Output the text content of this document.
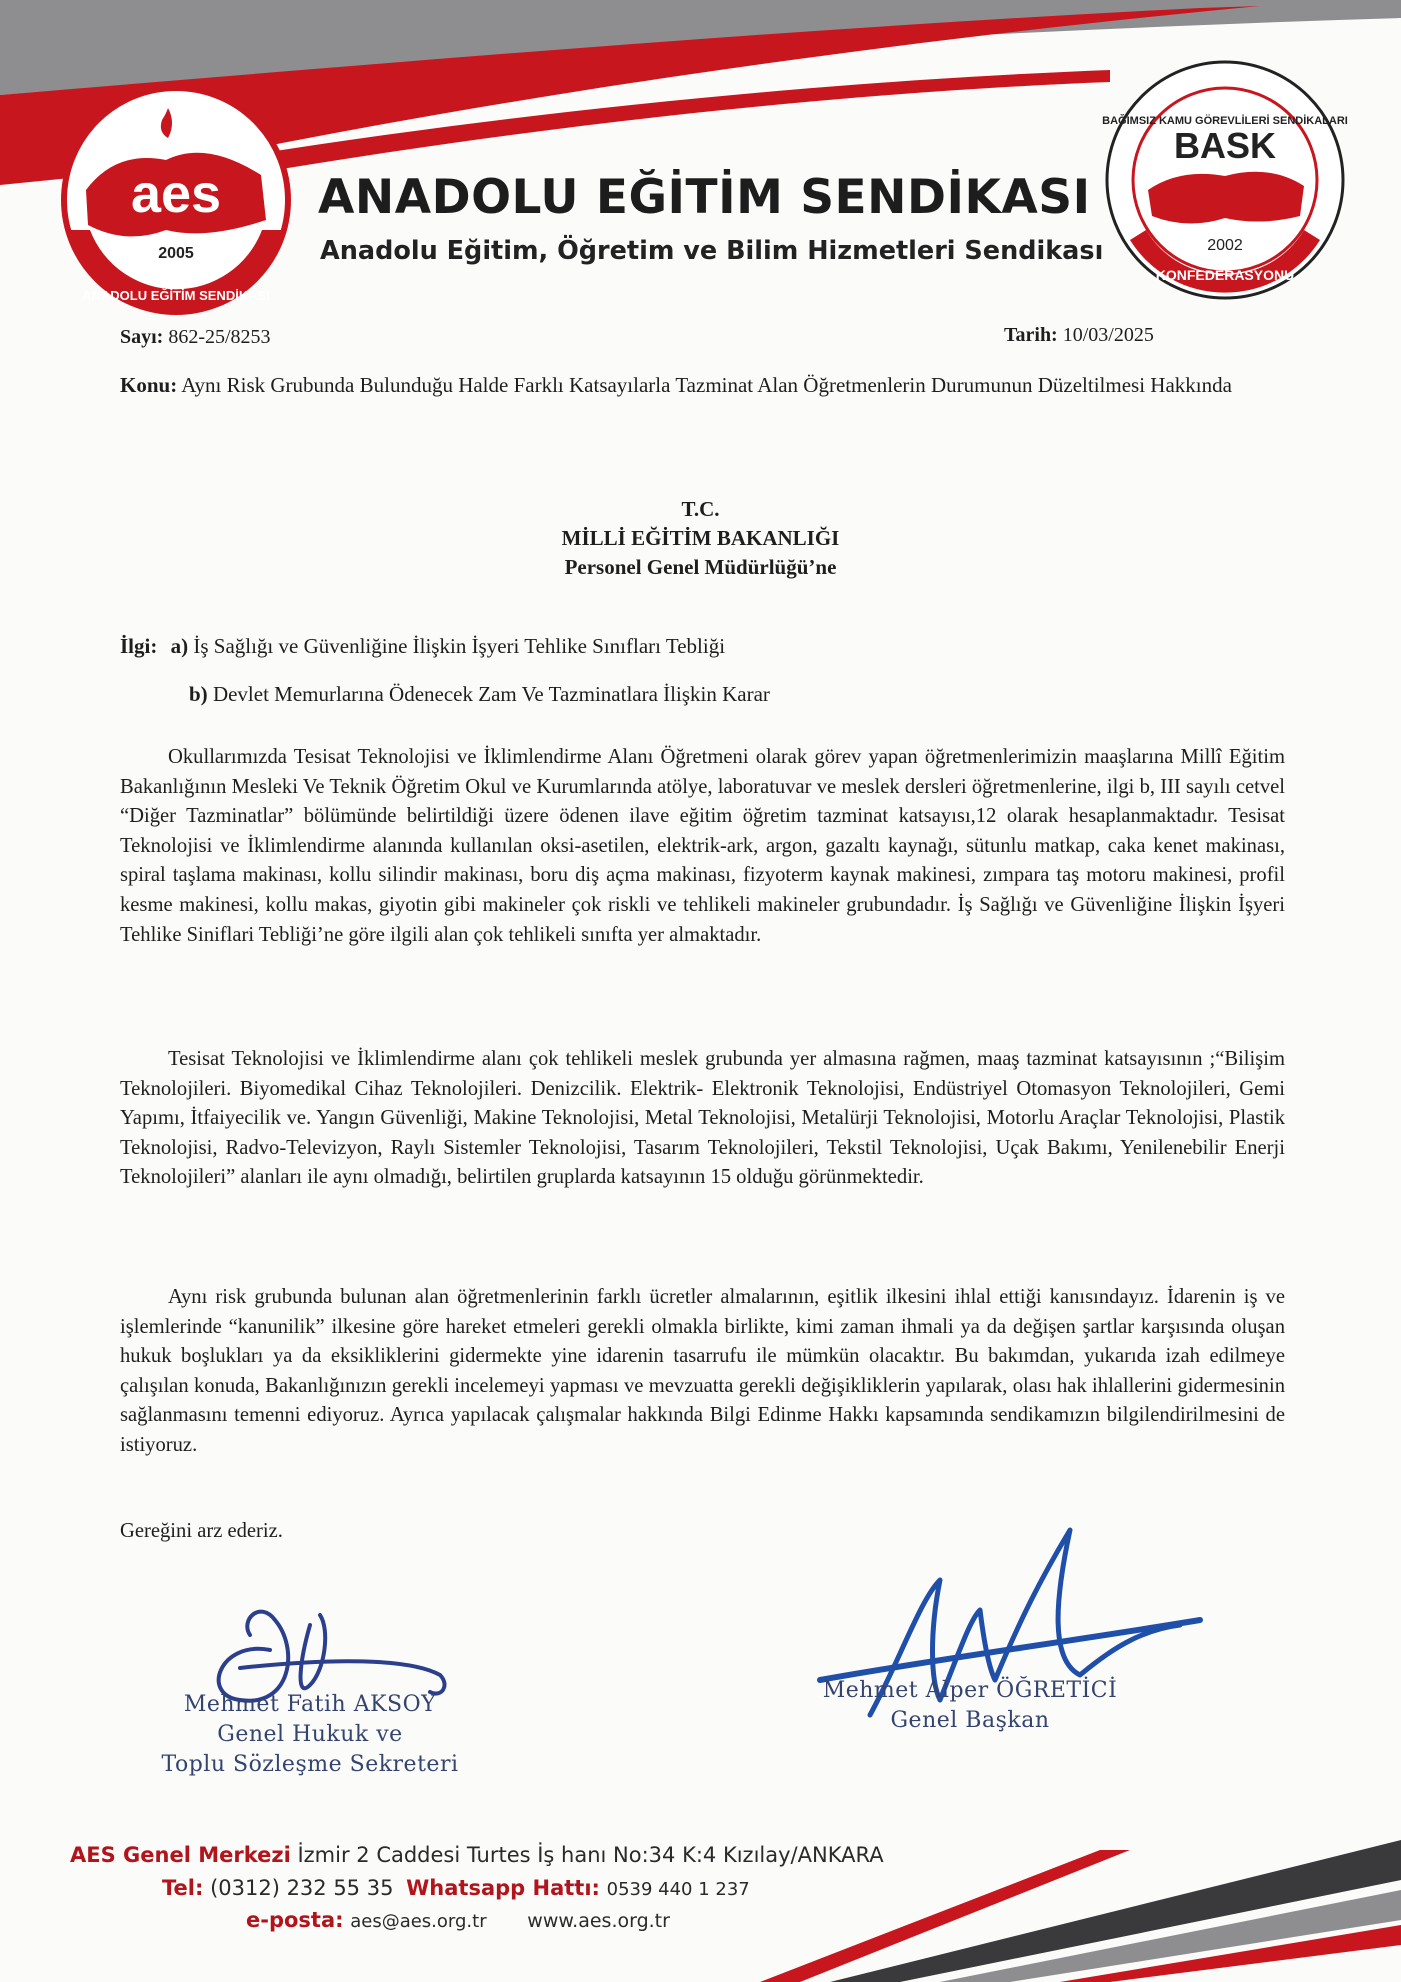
aes
2005
ANADOLU EĞİTİM SENDİKASI
ANADOLU EĞİTİM SENDİKASI
Anadolu Eğitim, Öğretim ve Bilim Hizmetleri Sendikası
BAĞIMSIZ KAMU GÖREVLİLERİ SENDİKALARI
BASK
2002
KONFEDERASYONU
Sayı: 862-25/8253	Tarih: 10/03/2025
Konu: Aynı Risk Grubunda Bulunduğu Halde Farklı Katsayılarla Tazminat Alan Öğretmenlerin Durumunun Düzeltilmesi Hakkında
T.C.
MİLLİ EĞİTİM BAKANLIĞI
Personel Genel Müdürlüğü’ne
İlgi: a) İş Sağlığı ve Güvenliğine İlişkin İşyeri Tehlike Sınıfları Tebliği
b) Devlet Memurlarına Ödenecek Zam Ve Tazminatlara İlişkin Karar
Okullarımızda Tesisat Teknolojisi ve İklimlendirme Alanı Öğretmeni olarak görev yapan öğretmenlerimizin maaşlarına Millî Eğitim Bakanlığının Mesleki Ve Teknik Öğretim Okul ve Kurumlarında atölye, laboratuvar ve meslek dersleri öğretmenlerine, ilgi b, III sayılı cetvel “Diğer Tazminatlar” bölümünde belirtildiği üzere ödenen ilave eğitim öğretim tazminat katsayısı,12 olarak hesaplanmaktadır. Tesisat Teknolojisi ve İklimlendirme alanında kullanılan oksi-asetilen, elektrik-ark, argon, gazaltı kaynağı, sütunlu matkap, caka kenet makinası, spiral taşlama makinası, kollu silindir makinası, boru diş açma makinası, fizyoterm kaynak makinesi, zımpara taş motoru makinesi, profil kesme makinesi, kollu makas, giyotin gibi makineler çok riskli ve tehlikeli makineler grubundadır. İş Sağlığı ve Güvenliğine İlişkin İşyeri Tehlike Siniflari Tebliği’ne göre ilgili alan çok tehlikeli sınıfta yer almaktadır.
Tesisat Teknolojisi ve İklimlendirme alanı çok tehlikeli meslek grubunda yer almasına rağmen, maaş tazminat katsayısının ;“Bilişim Teknolojileri. Biyomedikal Cihaz Teknolojileri. Denizcilik. Elektrik- Elektronik Teknolojisi, Endüstriyel Otomasyon Teknolojileri, Gemi Yapımı, İtfaiyecilik ve. Yangın Güvenliği, Makine Teknolojisi, Metal Teknolojisi, Metalürji Teknolojisi, Motorlu Araçlar Teknolojisi, Plastik Teknolojisi, Radvo-Televizyon, Raylı Sistemler Teknolojisi, Tasarım Teknolojileri, Tekstil Teknolojisi, Uçak Bakımı, Yenilenebilir Enerji Teknolojileri” alanları ile aynı olmadığı, belirtilen gruplarda katsayının 15 olduğu görünmektedir.
Aynı risk grubunda bulunan alan öğretmenlerinin farklı ücretler almalarının, eşitlik ilkesini ihlal ettiği kanısındayız. İdarenin iş ve işlemlerinde “kanunilik” ilkesine göre hareket etmeleri gerekli olmakla birlikte, kimi zaman ihmali ya da değişen şartlar karşısında oluşan hukuk boşlukları ya da eksikliklerini gidermekte yine idarenin tasarrufu ile mümkün olacaktır. Bu bakımdan, yukarıda izah edilmeye çalışılan konuda, Bakanlığınızın gerekli incelemeyi yapması ve mevzuatta gerekli değişikliklerin yapılarak, olası hak ihlallerini gidermesinin sağlanmasını temenni ediyoruz. Ayrıca yapılacak çalışmalar hakkında Bilgi Edinme Hakkı kapsamında sendikamızın bilgilendirilmesini de istiyoruz.
Gereğini arz ederiz.
Mehmet Fatih AKSOY
Genel Hukuk ve
Toplu Sözleşme Sekreteri
Mehmet Alper ÖĞRETİCİ
Genel Başkan
AES Genel Merkezi İzmir 2 Caddesi Turtes İş hanı No:34 K:4 Kızılay/ANKARA
Tel: (0312) 232 55 35 Whatsapp Hattı: 0539 440 1 237
e-posta: aes@aes.org.tr www.aes.org.tr
